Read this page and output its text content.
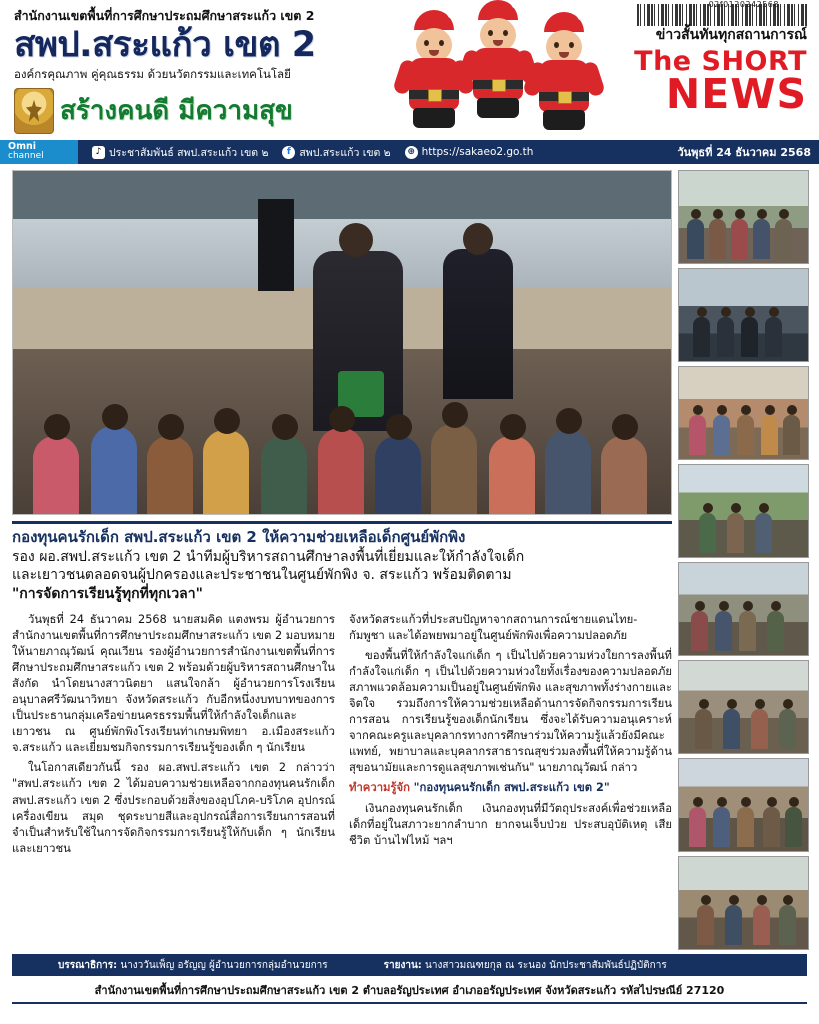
02f0120242568
สำนักงานเขตพื้นที่การศึกษาประถมศึกษาสระแก้ว เขต 2
สพป.สระแก้ว เขต 2
องค์กรคุณภาพ คู่คุณธรรม ด้วยนวัตกรรมและเทคโนโลยี
สร้างคนดี มีความสุข
ข่าวสั้นทันทุกสถานการณ์
The SHORT
NEWS
Omni
channel	♪ ประชาสัมพันธ์ สพป.สระแก้ว เขต ๒	f สพป.สระแก้ว เขต ๒	⊕ https://sakaeo2.go.th	วันพุธที่ 24 ธันวาคม 2568
กองทุนคนรักเด็ก สพป.สระแก้ว เขต 2 ให้ความช่วยเหลือเด็กศูนย์พักพิง
รอง ผอ.สพป.สระแก้ว เขต 2 นำทีมผู้บริหารสถานศึกษาลงพื้นที่เยี่ยมและให้กำลังใจเด็ก
และเยาวชนตลอดจนผู้ปกครองและประชาชนในศูนย์พักพิง จ. สระแก้ว พร้อมติดตาม
"การจัดการเรียนรู้ทุกที่ทุกเวลา"

วันพุธที่ 24 ธันวาคม 2568 นายสมคิด แตงพรม ผู้อำนวยการสำนักงานเขตพื้นที่การศึกษาประถมศึกษาสระแก้ว เขต 2 มอบหมายให้นายภาณุวัฒน์ คุณเวียน รองผู้อำนวยการสำนักงานเขตพื้นที่การศึกษาประถมศึกษาสระแก้ว เขต 2 พร้อมด้วยผู้บริหารสถานศึกษาในสังกัด นำโดยนางสาวนิตยา แสนใจกล้า ผู้อำนวยการโรงเรียนอนุบาลศรีวัฒนาวิทยา จังหวัดสระแก้ว กับอีกหนึ่งงบทบาทของการเป็นประธานกลุ่มเครือข่ายนครธรรมพื้นที่ให้กำลังใจเด็กและเยาวชน ณ ศูนย์พักพิงโรงเรียนท่าเกษมพิทยา อ.เมืองสระแก้ว จ.สระแก้ว และเยี่ยมชมกิจกรรมการเรียนรู้ของเด็ก ๆ นักเรียน

ในโอกาสเดียวกันนี้ รอง ผอ.สพป.สระแก้ว เขต 2 กล่าวว่า "สพป.สระแก้ว เขต 2 ได้มอบความช่วยเหลือจากกองทุนคนรักเด็ก สพป.สระแก้ว เขต 2 ซึ่งประกอบด้วยสิ่งของอุปโภค-บริโภค อุปกรณ์เครื่องเขียน สมุด ชุดระบายสีและอุปกรณ์สื่อการเรียนการสอนที่จำเป็นสำหรับใช้ในการจัดกิจกรรมการเรียนรู้ให้กับเด็ก ๆ นักเรียนและเยาวชน

จังหวัดสระแก้วที่ประสบปัญหาจากสถานการณ์ชายแดนไทย-กัมพูชา และได้อพยพมาอยู่ในศูนย์พักพิงเพื่อความปลอดภัย

ของพื้นที่ให้กำลังใจแก่เด็ก ๆ เป็นไปด้วยความห่วงใยการลงพื้นที่กำลังใจแก่เด็ก ๆ เป็นไปด้วยความห่วงใยทั้งเรื่องของความปลอดภัย สภาพแวดล้อมความเป็นอยู่ในศูนย์พักพิง และสุขภาพทั้งร่างกายและจิตใจ รวมถึงการให้ความช่วยเหลือด้านการจัดกิจกรรมการเรียนการสอน การเรียนรู้ของเด็กนักเรียน ซึ่งจะได้รับความอนุเคราะห์จากคณะครูและบุคลากรทางการศึกษาร่วมให้ความรู้แล้วยังมีคณะแพทย์, พยาบาลและบุคลากรสาธารณสุขร่วมลงพื้นที่ให้ความรู้ด้านสุขอนามัยและการดูแลสุขภาพเช่นกัน" นายภาณุวัฒน์ กล่าว

ทำความรู้จัก "กองทุนคนรักเด็ก สพป.สระแก้ว เขต 2"

เงินกองทุนคนรักเด็ก เงินกองทุนที่มีวัตถุประสงค์เพื่อช่วยเหลือเด็กที่อยู่ในสภาวะยากลำบาก ยากจนเจ็บป่วย ประสบอุบัติเหตุ เสียชีวิต บ้านไฟไหม้ ฯลฯ

บรรณาธิการ: นางววันเพ็ญ อรัญญ ผู้อำนวยการกลุ่มอำนวยการ	รายงาน: นางสาวมณฑยกุล ณ ระนอง นักประชาสัมพันธ์ปฏิบัติการ
สำนักงานเขตพื้นที่การศึกษาประถมศึกษาสระแก้ว เขต 2 ตำบลอรัญประเทศ อำเภออรัญประเทศ จังหวัดสระแก้ว รหัสไปรษณีย์ 27120
